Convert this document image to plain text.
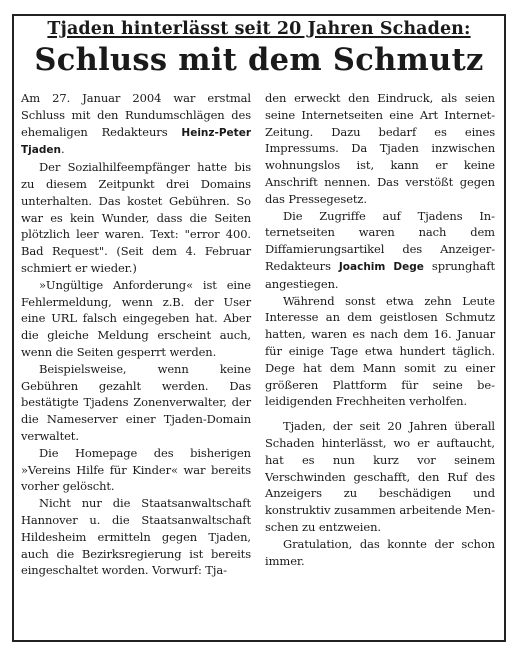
Tjaden hinterlässt seit 20 Jahren Schaden:
Schluss mit dem Schmutz

Am 27. Januar 2004 war erstmal Schluss mit den Rundumschlägen des ehemaligen Redakteurs Heinz-Peter Tjaden.

Der Sozialhilfeempfänger hatte bis zu diesem Zeitpunkt drei Domains unterhalten. Das kostet Gebühren. So war es kein Wunder, dass die Seiten plötzlich leer waren. Text: "error 400. Bad Request". (Seit dem 4. Februar schmiert er wieder.)

»Ungültige Anforderung« ist eine Fehlermeldung, wenn z.B. der User eine URL falsch eingegeben hat. Aber die gleiche Meldung erscheint auch, wenn die Seiten gesperrt werden.

Beispielsweise, wenn keine Gebühren gezahlt werden. Das bestätigte Tjadens Zonenverwalter, der die Nameserver einer Tjaden-Domain verwaltet.

Die Homepage des bisherigen »Vereins Hilfe für Kinder« war bereits vorher gelöscht.

Nicht nur die Staatsanwaltschaft Hannover u. die Staatsanwaltschaft Hildesheim ermitteln gegen Tjaden, auch die Bezirksregierung ist bereits eingeschaltet worden. Vorwurf: Tja-

den erweckt den Eindruck, als seien seine Internetseiten eine Art Internet-Zeitung. Dazu bedarf es eines Impressums. Da Tjaden inzwischen wohnungslos ist, kann er keine Anschrift nennen. Das verstößt gegen das Pressegesetz.

Die Zugriffe auf Tjadens Internetseiten waren nach dem Diffamierungsartikel des Anzeiger-Redakteurs Joachim Dege sprunghaft angestiegen.

Während sonst etwa zehn Leute Interesse an dem geistlosen Schmutz hatten, waren es nach dem 16. Januar für einige Tage etwa hundert täglich. Dege hat dem Mann somit zu einer größeren Plattform für seine beleidigenden Frechheiten verholfen.

Tjaden, der seit 20 Jahren überall Schaden hinterlässt, wo er auftaucht, hat es nun kurz vor seinem Verschwinden geschafft, den Ruf des Anzeigers zu beschädigen und konstruktiv zusammen arbeitende Menschen zu entzweien.

Gratulation, das konnte der schon immer.
